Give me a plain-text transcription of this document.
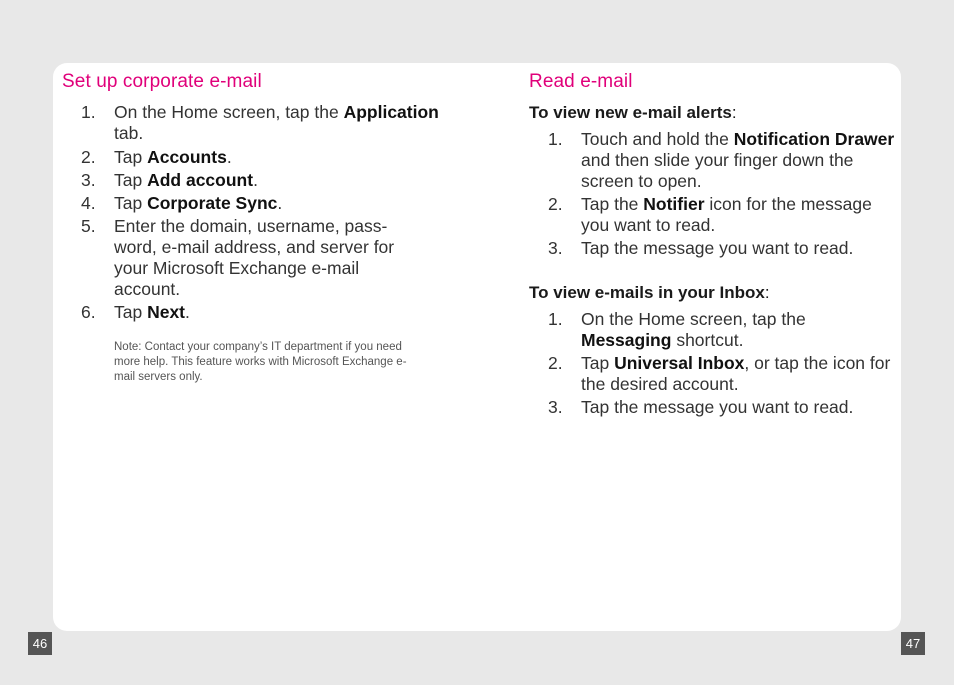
Set up corporate e-mail
1. On the Home screen, tap the Application tab.
2. Tap Accounts.
3. Tap Add account.
4. Tap Corporate Sync.
5. Enter the domain, username, pass-word, e-mail address, and server for your Microsoft Exchange e-mail account.
6. Tap Next.
Note: Contact your company’s IT department if you need more help. This feature works with Microsoft Exchange e-mail servers only.
Read e-mail

To view new e-mail alerts:

1. Touch and hold the Notification Drawer and then slide your finger down the screen to open.
2. Tap the Notifier icon for the message you want to read.
3. Tap the message you want to read.

To view e-mails in your Inbox:

1. On the Home screen, tap the Messaging shortcut.
2. Tap Universal Inbox, or tap the icon for the desired account.
3. Tap the message you want to read.
46	47
